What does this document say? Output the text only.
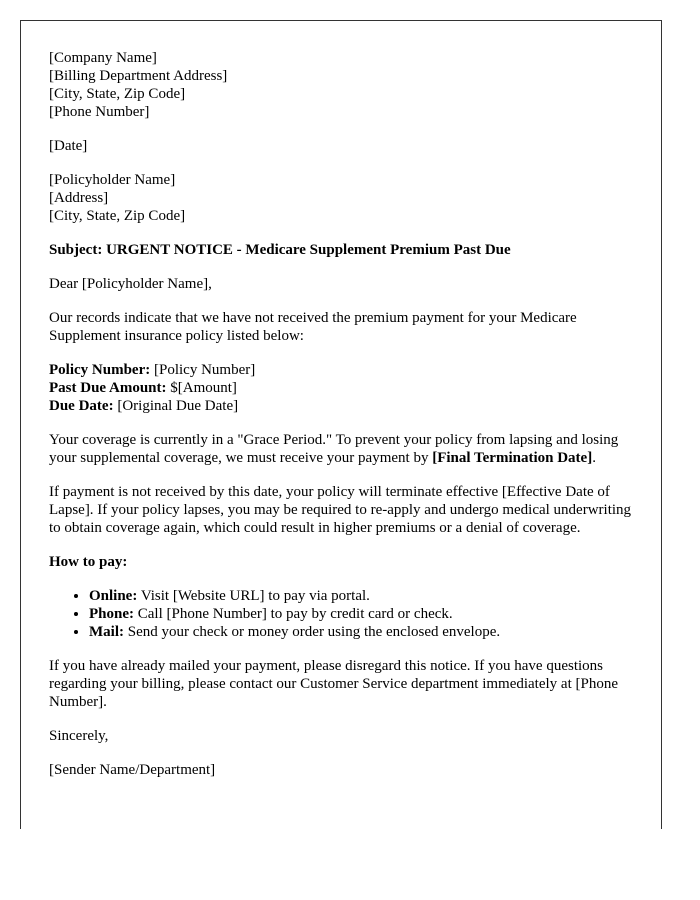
[Company Name]
[Billing Department Address]
[City, State, Zip Code]
[Phone Number]

[Date]

[Policyholder Name]
[Address]
[City, State, Zip Code]

Subject: URGENT NOTICE - Medicare Supplement Premium Past Due

Dear [Policyholder Name],

Our records indicate that we have not received the premium payment for your Medicare Supplement insurance policy listed below:

Policy Number: [Policy Number]
Past Due Amount: $[Amount]
Due Date: [Original Due Date]

Your coverage is currently in a "Grace Period." To prevent your policy from lapsing and losing your supplemental coverage, we must receive your payment by [Final Termination Date].

If payment is not received by this date, your policy will terminate effective [Effective Date of Lapse]. If your policy lapses, you may be required to re-apply and undergo medical underwriting to obtain coverage again, which could result in higher premiums or a denial of coverage.

How to pay:

• Online: Visit [Website URL] to pay via portal.
• Phone: Call [Phone Number] to pay by credit card or check.
• Mail: Send your check or money order using the enclosed envelope.

If you have already mailed your payment, please disregard this notice. If you have questions regarding your billing, please contact our Customer Service department immediately at [Phone Number].

Sincerely,

[Sender Name/Department]
